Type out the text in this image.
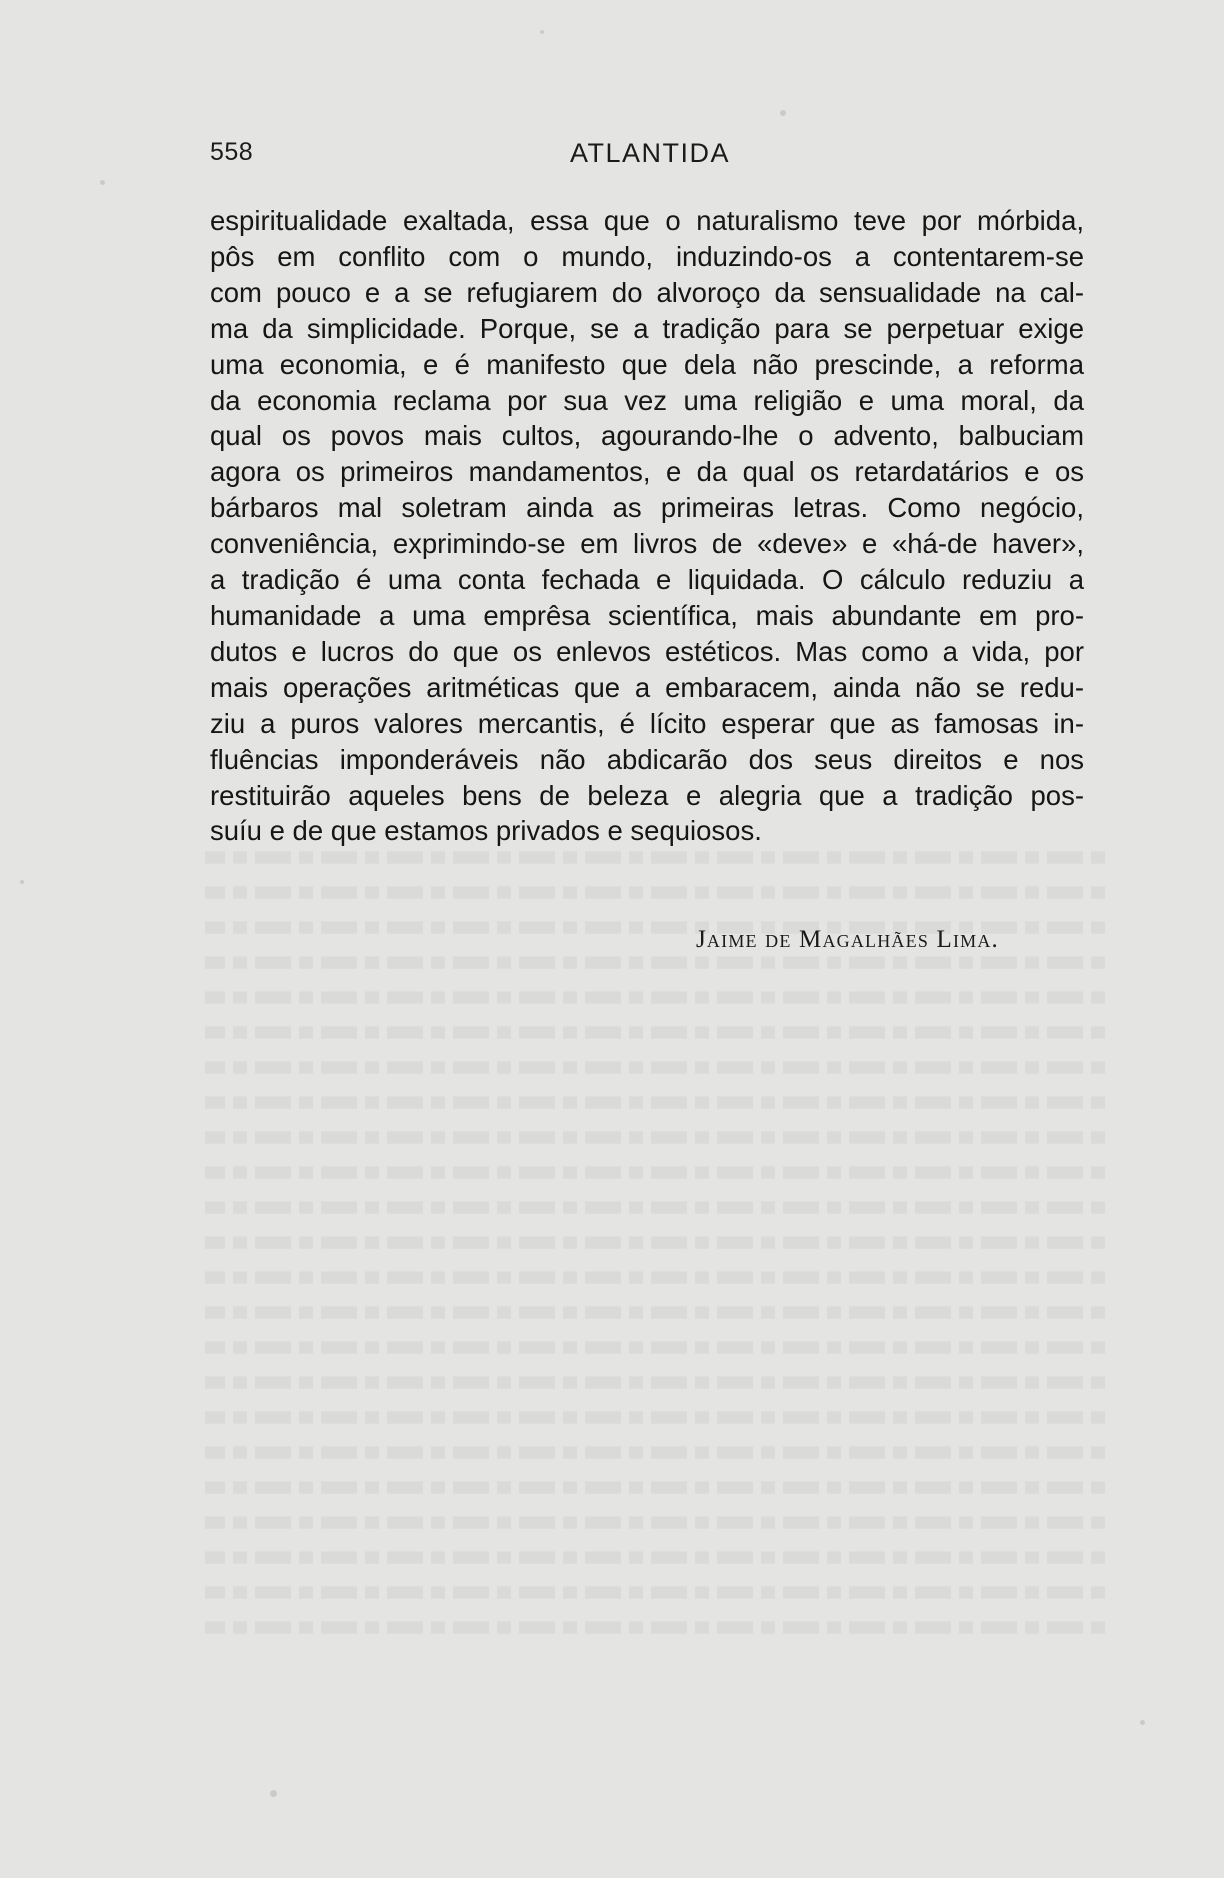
558	ATLANTIDA
espiritualidade exaltada, essa que o naturalismo teve por mórbida,
pôs em conflito com o mundo, induzindo-os a contentarem-se
com pouco e a se refugiarem do alvoroço da sensualidade na cal-
ma da simplicidade. Porque, se a tradição para se perpetuar exige
uma economia, e é manifesto que dela não prescinde, a reforma
da economia reclama por sua vez uma religião e uma moral, da
qual os povos mais cultos, agourando-lhe o advento, balbuciam
agora os primeiros mandamentos, e da qual os retardatários e os
bárbaros mal soletram ainda as primeiras letras. Como negócio,
conveniência, exprimindo-se em livros de «deve» e «há-de haver»,
a tradição é uma conta fechada e liquidada. O cálculo reduziu a
humanidade a uma emprêsa scientífica, mais abundante em pro-
dutos e lucros do que os enlevos estéticos. Mas como a vida, por
mais operações aritméticas que a embaracem, ainda não se redu-
ziu a puros valores mercantis, é lícito esperar que as famosas in-
fluências imponderáveis não abdicarão dos seus direitos e nos
restituirão aqueles bens de beleza e alegria que a tradição pos-
suíu e de que estamos privados e sequiosos.
Jaime de Magalhães Lima.
